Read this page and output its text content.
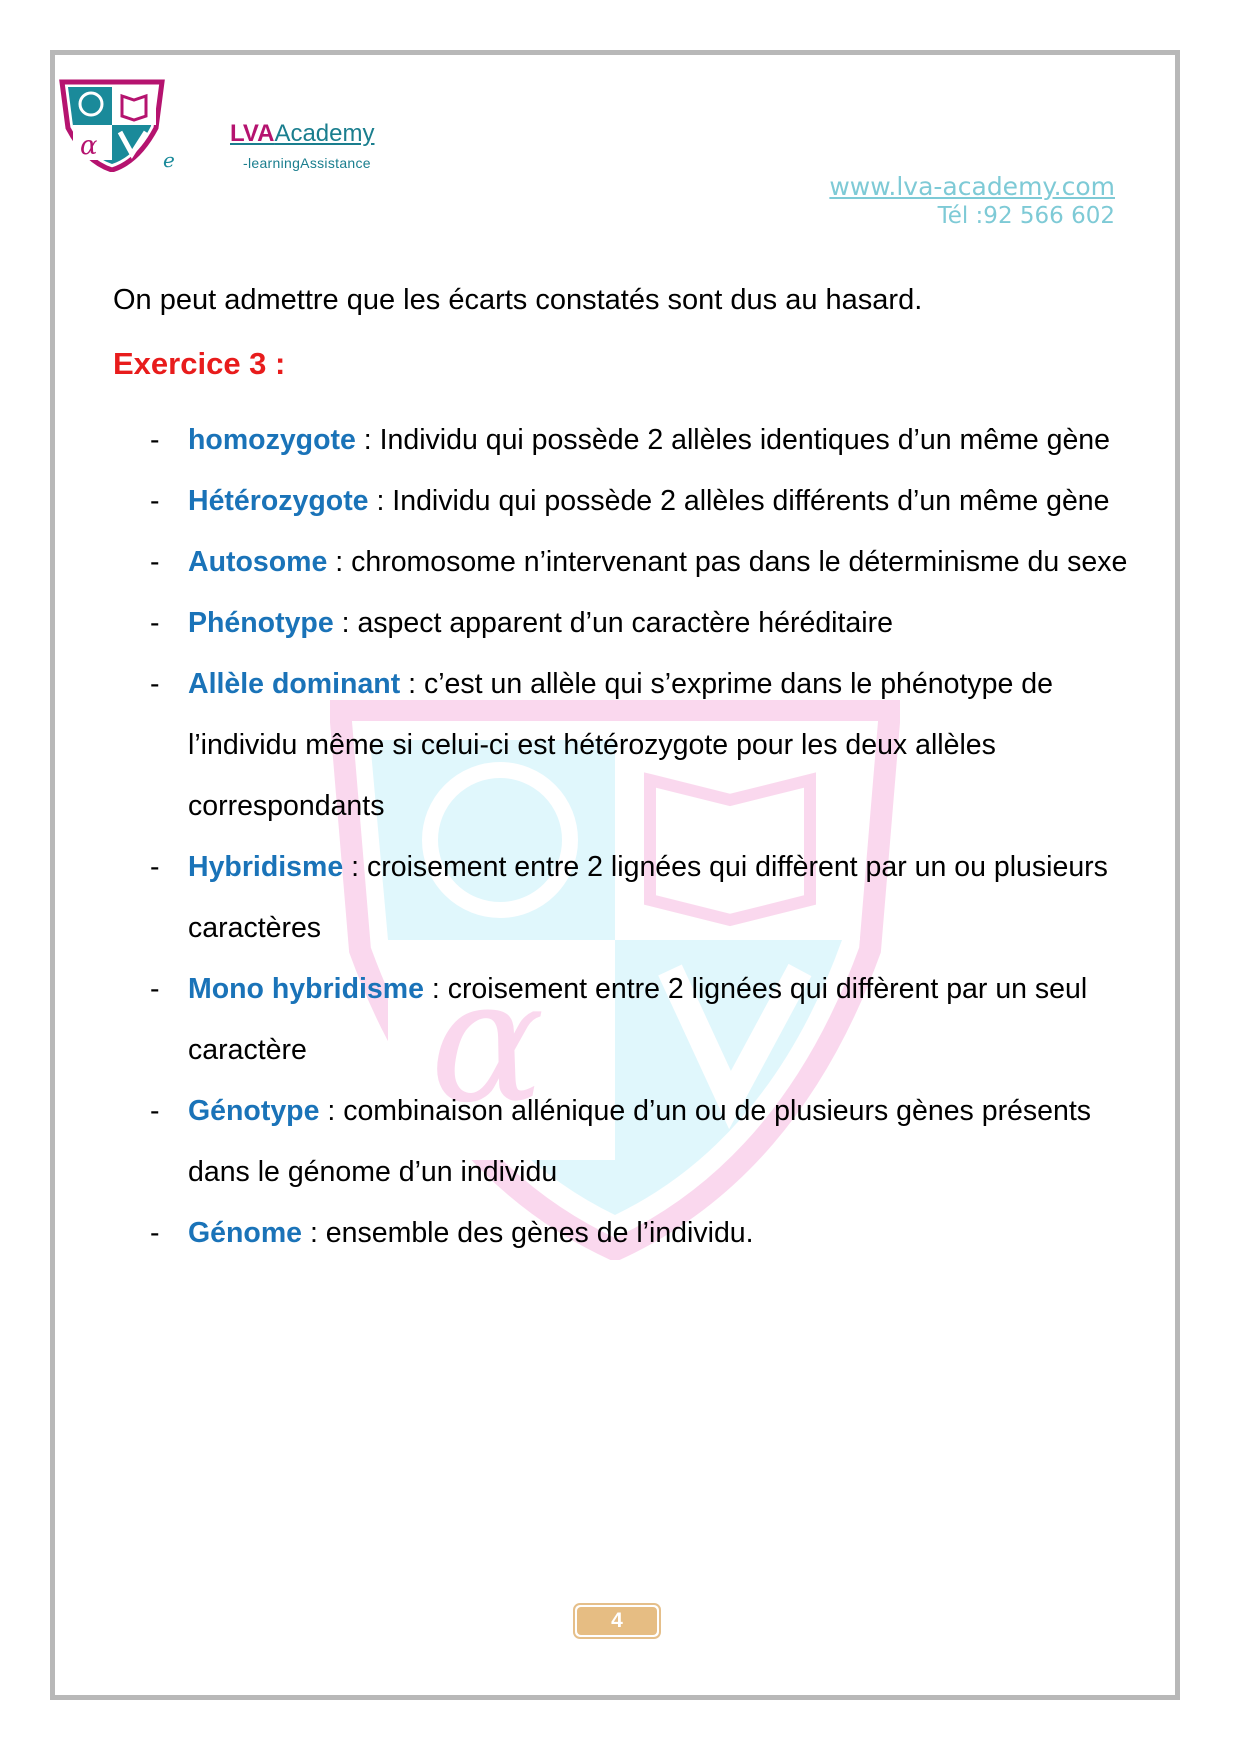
α	e
LVAAcademy
-learningAssistance
www.lva-academy.com
Tél :92 566 602
α
On peut admettre que les écarts constatés sont dus au hasard.
Exercice 3 :
- homozygote : Individu qui possède 2 allèles identiques d’un même gène
- Hétérozygote : Individu qui possède 2 allèles différents d’un même gène
- Autosome : chromosome n’intervenant pas dans le déterminisme du sexe
- Phénotype : aspect apparent d’un caractère héréditaire
- Allèle dominant : c’est un allèle qui s’exprime dans le phénotype de l’individu même si celui-ci est hétérozygote pour les deux allèles correspondants
- Hybridisme : croisement entre 2 lignées qui diffèrent par un ou plusieurs caractères
- Mono hybridisme : croisement entre 2 lignées qui diffèrent par un seul caractère
- Génotype : combinaison allénique d’un ou de plusieurs gènes présents dans le génome d’un individu
- Génome : ensemble des gènes de l’individu.
4
